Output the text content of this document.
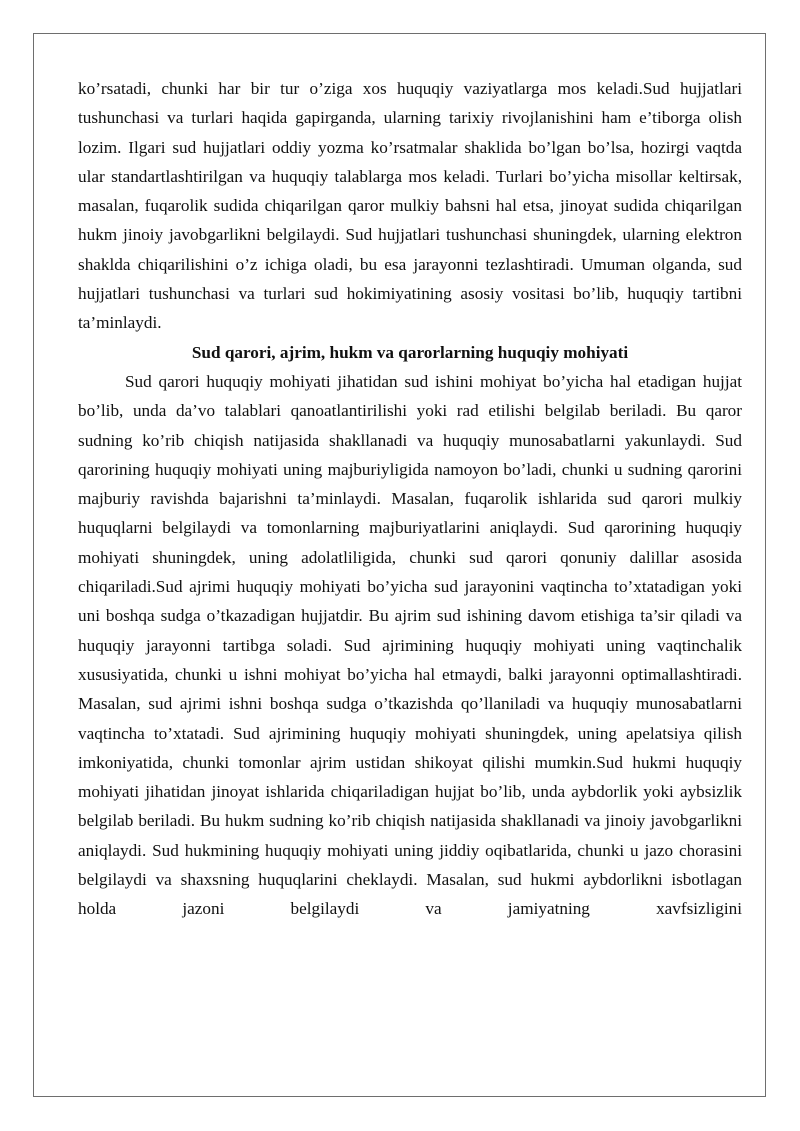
ko’rsatadi, chunki har bir tur o’ziga xos huquqiy vaziyatlarga mos keladi.Sud hujjatlari tushunchasi va turlari haqida gapirganda, ularning tarixiy rivojlanishini ham e’tiborga olish lozim. Ilgari sud hujjatlari oddiy yozma ko’rsatmalar shaklida bo’lgan bo’lsa, hozirgi vaqtda ular standartlashtirilgan va huquqiy talablarga mos keladi. Turlari bo’yicha misollar keltirsak, masalan, fuqarolik sudida chiqarilgan qaror mulkiy bahsni hal etsa, jinoyat sudida chiqarilgan hukm jinoiy javobgarlikni belgilaydi. Sud hujjatlari tushunchasi shuningdek, ularning elektron shaklda chiqarilishini o’z ichiga oladi, bu esa jarayonni tezlashtiradi. Umuman olganda, sud hujjatlari tushunchasi va turlari sud hokimiyatining asosiy vositasi bo’lib, huquqiy tartibni ta’minlaydi.

Sud qarori, ajrim, hukm va qarorlarning huquqiy mohiyati

Sud qarori huquqiy mohiyati jihatidan sud ishini mohiyat bo’yicha hal etadigan hujjat bo’lib, unda da’vo talablari qanoatlantirilishi yoki rad etilishi belgilab beriladi. Bu qaror sudning ko’rib chiqish natijasida shakllanadi va huquqiy munosabatlarni yakunlaydi. Sud qarorining huquqiy mohiyati uning majburiyligida namoyon bo’ladi, chunki u sudning qarorini majburiy ravishda bajarishni ta’minlaydi. Masalan, fuqarolik ishlarida sud qarori mulkiy huquqlarni belgilaydi va tomonlarning majburiyatlarini aniqlaydi. Sud qarorining huquqiy mohiyati shuningdek, uning adolatliligida, chunki sud qarori qonuniy dalillar asosida chiqariladi.Sud ajrimi huquqiy mohiyati bo’yicha sud jarayonini vaqtincha to’xtatadigan yoki uni boshqa sudga o’tkazadigan hujjatdir. Bu ajrim sud ishining davom etishiga ta’sir qiladi va huquqiy jarayonni tartibga soladi. Sud ajrimining huquqiy mohiyati uning vaqtinchalik xususiyatida, chunki u ishni mohiyat bo’yicha hal etmaydi, balki jarayonni optimallashtiradi. Masalan, sud ajrimi ishni boshqa sudga o’tkazishda qo’llaniladi va huquqiy munosabatlarni vaqtincha to’xtatadi. Sud ajrimining huquqiy mohiyati shuningdek, uning apelatsiya qilish imkoniyatida, chunki tomonlar ajrim ustidan shikoyat qilishi mumkin.Sud hukmi huquqiy mohiyati jihatidan jinoyat ishlarida chiqariladigan hujjat bo’lib, unda aybdorlik yoki aybsizlik belgilab beriladi. Bu hukm sudning ko’rib chiqish natijasida shakllanadi va jinoiy javobgarlikni aniqlaydi. Sud hukmining huquqiy mohiyati uning jiddiy oqibatlarida, chunki u jazo chorasini belgilaydi va shaxsning huquqlarini cheklaydi. Masalan, sud hukmi aybdorlikni isbotlagan holda jazoni belgilaydi va jamiyatning xavfsizligini
